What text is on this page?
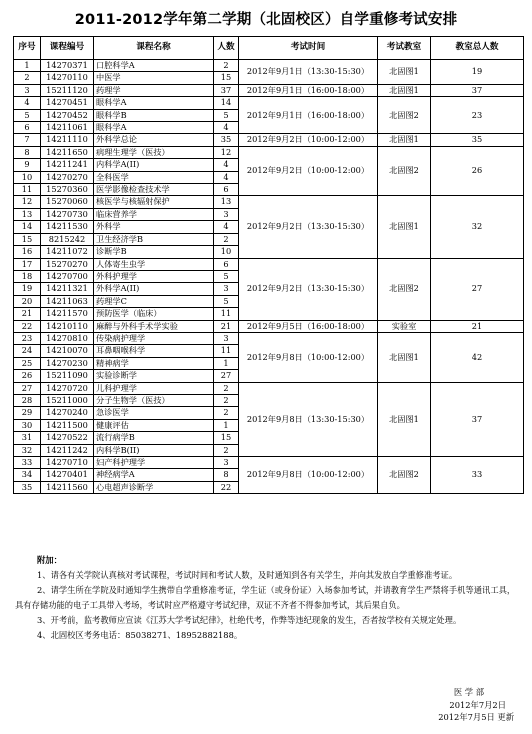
2011-2012学年第二学期（北固校区）自学重修考试安排
序号	课程编号	课程名称	人数	考试时间	考试教室	教室总人数
1	14270371	口腔科学A	2	2012年9月1日（13:30-15:30）	北固图1	19
2	14270110	中医学	15			
3	15211120	药理学	37	2012年9月1日（16:00-18:00）	北固图1	37
4	14270451	眼科学A	14	2012年9月1日（16:00-18:00）	北固图2	23
5	14270452	眼科学B	5			
6	14211061	眼科学A	4			
7	14211110	外科学总论	35	2012年9月2日（10:00-12:00）	北固图1	35
8	14211650	病理生理学（医技）	12	2012年9月2日（10:00-12:00）	北固图2	26
9	14211241	内科学A(II)	4			
10	14270270	全科医学	4			
11	15270360	医学影像检查技术学	6			
12	15270060	核医学与核辐射保护	13	2012年9月2日（13:30-15:30）	北固图1	32
13	14270730	临床营养学	3			
14	14211530	外科学	4			
15	8215242	卫生经济学B	2			
16	14211072	诊断学B	10			
17	15270270	人体寄生虫学	6	2012年9月2日（13:30-15:30）	北固图2	27
18	14270700	外科护理学	5			
19	14211321	外科学A(II)	3			
20	14211063	药理学C	5			
21	14211570	预防医学（临床）	11			
22	14210110	麻醉与外科手术学实验	21	2012年9月5日（16:00-18:00）	实验室	21
23	14270810	传染病护理学	3	2012年9月8日（10:00-12:00）	北固图1	42
24	14210070	耳鼻咽喉科学	11			
25	14270230	精神病学	1			
26	15211090	实验诊断学	27			
27	14270720	儿科护理学	2	2012年9月8日（13:30-15:30）	北固图1	37
28	15211000	分子生物学（医技）	2			
29	14270240	急诊医学	2			
30	14211500	健康评估	1			
31	14270522	流行病学B	15			
32	14211242	内科学B(II)	2			
33	14270710	妇产科护理学	3	2012年9月8日（10:00-12:00）	北固图2	33
34	14270401	神经病学A	8			
35	14211560	心电超声诊断学	22			
附加：

1、请各有关学院认真核对考试课程，考试时间和考试人数，及时通知到各有关学生，并向其发放自学重修准考证。

2、请学生所在学院及时通知学生携带自学重修准考证，学生证（或身份证）入场参加考试，并请教育学生严禁将手机等通讯工具，具有存储功能的电子工具带入考场，考试时应严格遵守考试纪律，双证不齐者不得参加考试，其后果自负。

3、开考前，监考教师应宣读《江苏大学考试纪律》，杜绝代考，作弊等违纪现象的发生，否者按学校有关规定处理。

4、北固校区考务电话：85038271、18952882188。

医 学 部
2012年7月2日
2012年7月5日 更新
